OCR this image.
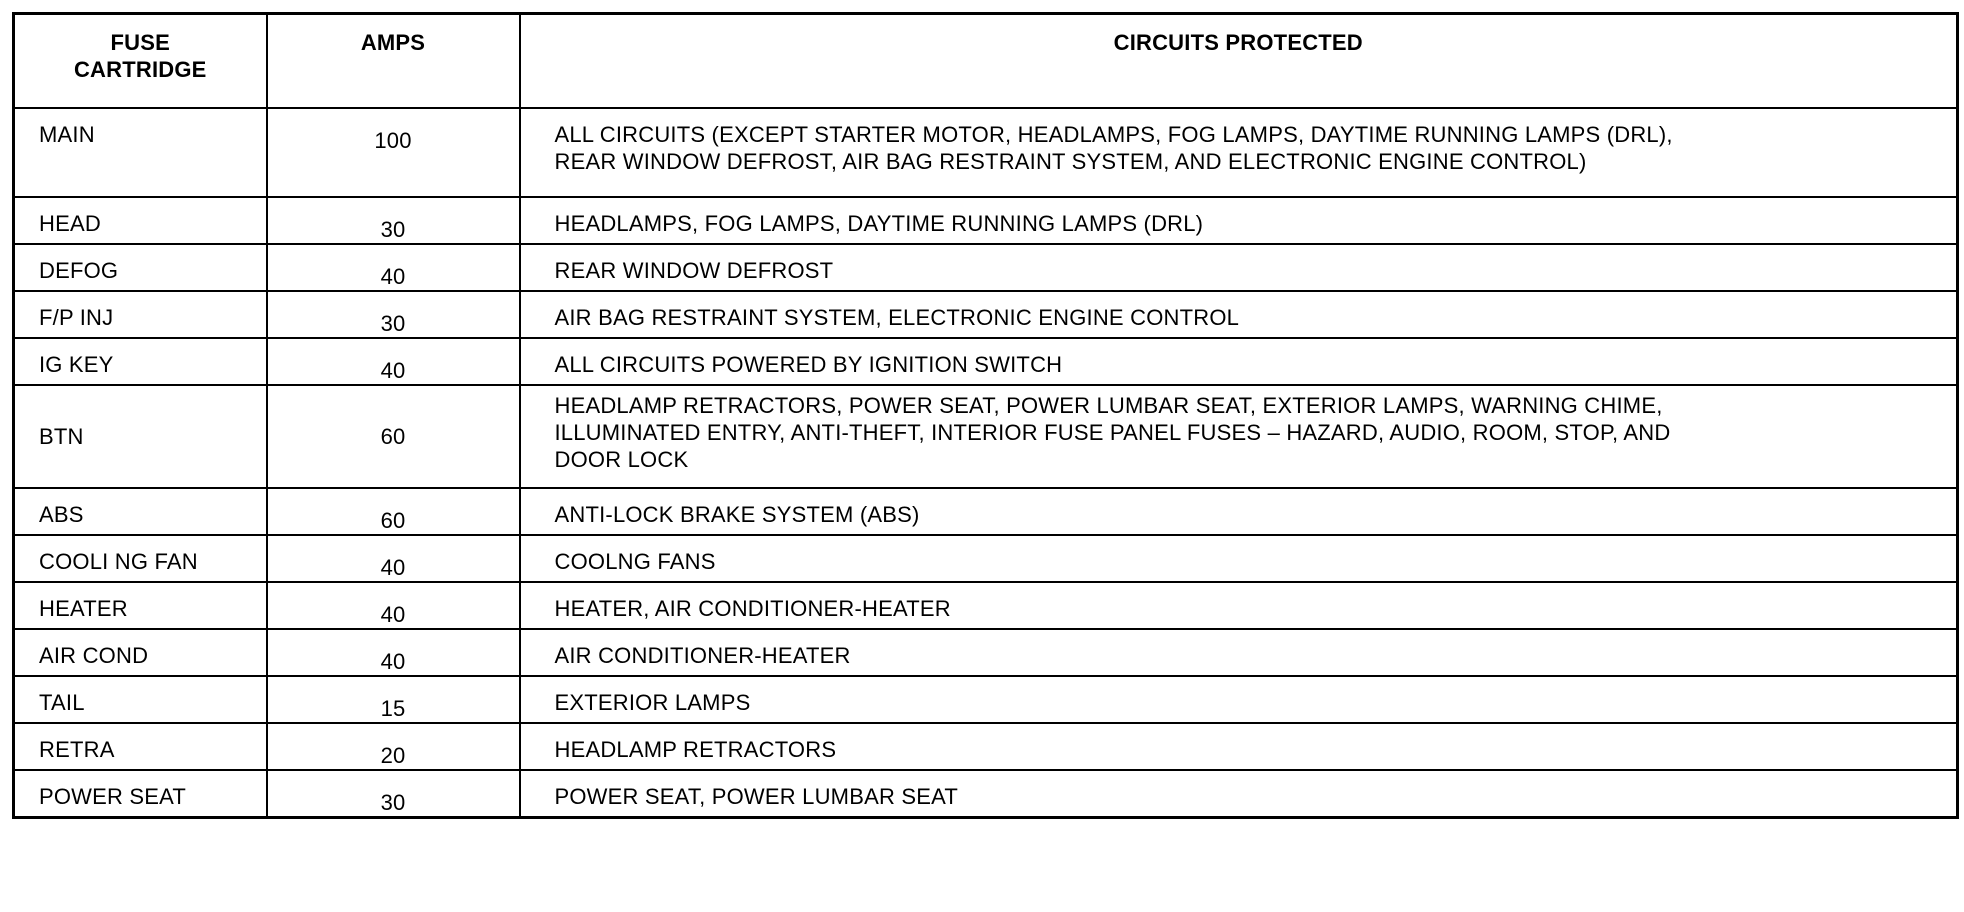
FUSE
CARTRIDGE	AMPS	CIRCUITS PROTECTED

MAIN	100	ALL CIRCUITS (EXCEPT STARTER MOTOR, HEADLAMPS, FOG LAMPS, DAYTIME RUNNING LAMPS (DRL),
REAR WINDOW DEFROST, AIR BAG RESTRAINT SYSTEM, AND ELECTRONIC ENGINE CONTROL)

HEAD	30	HEADLAMPS, FOG LAMPS, DAYTIME RUNNING LAMPS (DRL)

DEFOG	40	REAR WINDOW DEFROST

F/P INJ	30	AIR BAG RESTRAINT SYSTEM, ELECTRONIC ENGINE CONTROL

IG KEY	40	ALL CIRCUITS POWERED BY IGNITION SWITCH

BTN	60	HEADLAMP RETRACTORS, POWER SEAT, POWER LUMBAR SEAT, EXTERIOR LAMPS, WARNING CHIME,
ILLUMINATED ENTRY, ANTI-THEFT, INTERIOR FUSE PANEL FUSES – HAZARD, AUDIO, ROOM, STOP, AND
DOOR LOCK

ABS	60	ANTI-LOCK BRAKE SYSTEM (ABS)

COOLI NG FAN	40	COOLNG FANS

HEATER	40	HEATER, AIR CONDITIONER-HEATER

AIR COND	40	AIR CONDITIONER-HEATER

TAIL	15	EXTERIOR LAMPS

RETRA	20	HEADLAMP RETRACTORS

POWER SEAT	30	POWER SEAT, POWER LUMBAR SEAT
